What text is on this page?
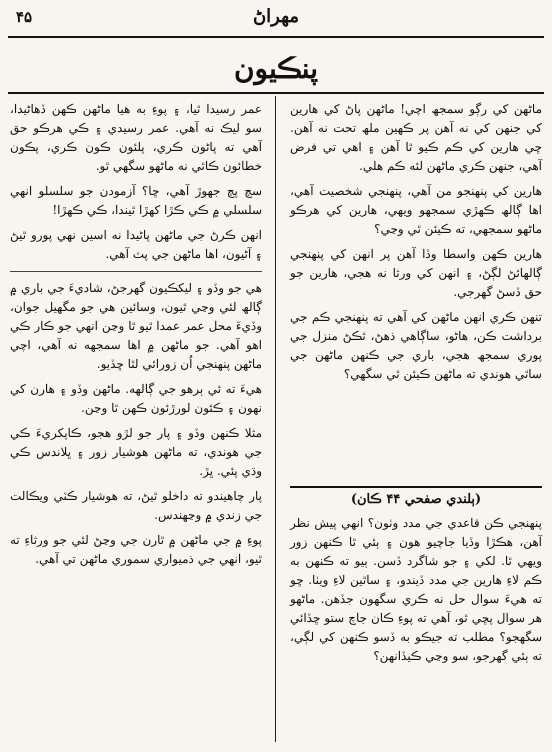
۴۵	مهراڻ
پنڪيون

ماڻهن کي رڳو سمجھ اچي! ماڻهن پاڻ کي هارين کي جنهن کي نه آهن پر ڪهين ملھ تحت نه آهن. ڇي هارين کي ڪم ڪيو ٿا آهن ۽ اهي تي فرض آهي، جنهن ڪري ماڻهن لئه ڪم هلي.

هارين کي پنهنجو من آهي، پنهنجي شخصيت آهي، اها ڳالھ ڪهڙي سمجهو ويهي، هارين کي هرڪو ماڻهو سمجهي، ته ڪيئن ٿي وڃي؟

هارين ڪهن واسطا وڏا آهن پر انهن کي پنهنجي ڳالهائڻ لڳڻ، ۽ انهن کي ورثا نه هجي، هارين جو حق ڏسڻ گهرجي.

تنهن ڪري انهن ماڻهن کي آهي ته پنهنجي ڪم جي برداشت ڪن، هاڻو، ساڳاهي ذهڻ، ٿڪڻ منزل جي پوري سمجھ هجي، باري جي ڪنهن ماڻهن جي ساٿي هوندي ته ماڻهن ڪيئن ٿي سگهي؟

(ٻلندي صفحي ۴۴ ڪان)
پنهنجي ڪن قاعدي جي مدد وٺون؟ انهي پيش نظر آهن، هڪڙا وڏيا جاچيو هون ۽ ٻئي ٿا ڪنهن زور ويهي ٿا. لکي ۽ جو شاگرد ڏسن. ٻيو ته ڪنهن به ڪم لاءِ هارين جي مدد ڏيندو، ۽ ساٿين لاءِ ويٺا. ڇو ته هيءَ سوال حل نه ڪري سگهون جڏهن. ماڻهو هر سوال پڇي ٿو، آهي ته پوءِ ڪان جاچ ستو ڇڏائي سگهجو؟ مطلب ته جيڪو به ڏسو ڪنهن کي لڳي، ته ٻئي گهرجو، سو وڃي ڪيڏانهن؟

عمر رسيدا ٿيا، ۽ پوءِ به هيا ماڻهن ڪهن ڏهاڻيدا، سو ليڪ نه آهي. عمر رسيدي ۽ ڪي هرڪو حق آهي ته پاڻون ڪري، پلئون ڪون ڪري، پڪون خطائون ڪاٿي نه ماڻهو سگهي ٿو.

سچ پچ جهوڙ آهي، ڇا؟ آزمودن جو سلسلو انهي سلسلي ۾ ڪي ڪڙا کهڙا ٿيندا، ڪي ڪهڙا!

انهن ڪرڻ جي ماڻهن پاڻيدا نه اسين نهي پورو ٿيڻ ۽ آڻيون، اها ماڻهن جي پٽ آهي.

هي جو وڏو ۽ ليکڪيون گهرجڻ، شاديءَ جي باري ۾ ڳالھ لئي وڃي ٿيون، وسائين هي جو مگهيل جوان، وڏيءَ محل عمر عمدا ٿيو ٿا وڃن انهي جو ڪار ڪي اهو آهي. جو ماڻهن ۾ اها سمجهه نه آهي، اچي ماڻهن پنهنجي اُن زورائي لٿا ڇڏيو.

هيءَ ته ئي ٻرهو جي ڳالهه. ماڻهن وڏو ۽ هارن کي نهون ۽ ڪئون لورڙئون ڪهن ٿا وڃن.

مثلا ڪنهن وڏو ۽ پار جو لڙو هجو، ڪاپکريءَ ڪي جي هوندي، ته ماڻهن هوشيار زور ۽ ڀلاندس ڪي وڌي پئي. ڀڙ.

پار چاهيندو ته داخلو ٿيڻ، ته هوشيار ڪٽي ويڪالت جي زندي ۾ وڃهندس.

پوءِ ۾ جي ماڻهن ۾ ٿارن جي وڃڻ لئي جو ورثاءِ ته ٿيو، انهي جي ذميواري سموري ماڻهن تي آهي.
